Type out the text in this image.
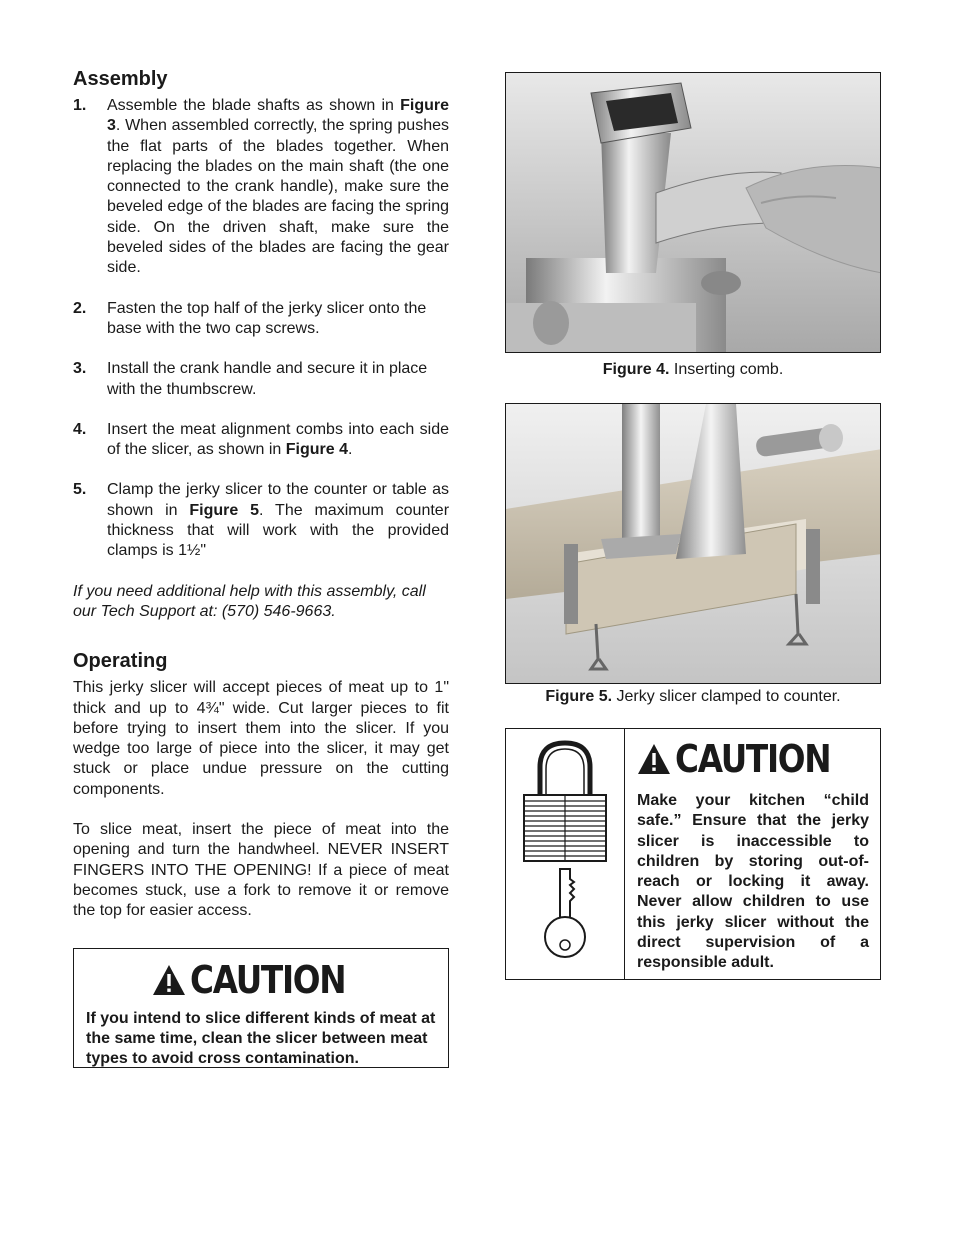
Assembly
1.	Assemble the blade shafts as shown in Figure 3. When assembled correctly, the spring pushes the flat parts of the blades together. When replacing the blades on the main shaft (the one connected to the crank handle), make sure the beveled edge of the blades are facing the spring side. On the driven shaft, make sure the beveled sides of the blades are facing the gear side.
2.	Fasten the top half of the jerky slicer onto the base with the two cap screws.
3.	Install the crank handle and secure it in place with the thumbscrew.
4.	Insert the meat alignment combs into each side of the slicer, as shown in Figure 4.
5.	Clamp the jerky slicer to the counter or table as shown in Figure 5. The maximum counter thickness that will work with the provided clamps is 1½"

If you need additional help with this assembly, call our Tech Support at: (570) 546-9663.

Operating

This jerky slicer will accept pieces of meat up to 1" thick and up to 4¾" wide. Cut larger pieces to fit before trying to insert them into the slicer. If you wedge too large of piece into the slicer, it may get stuck or place undue pressure on the cutting components.

To slice meat, insert the piece of meat into the opening and turn the handwheel. NEVER INSERT FINGERS INTO THE OPENING! If a piece of meat becomes stuck, use a fork to remove it or remove the top for easier access.

CAUTION
If you intend to slice different kinds of meat at the same time, clean the slicer between meat types to avoid cross contamination.

Figure 4. Inserting comb.

Figure 5. Jerky slicer clamped to counter.

CAUTION
Make your kitchen “child safe.” Ensure that the jerky slicer is inaccessible to children by storing out-of-reach or locking it away. Never allow children to use this jerky slicer without the direct supervision of a responsible adult.
